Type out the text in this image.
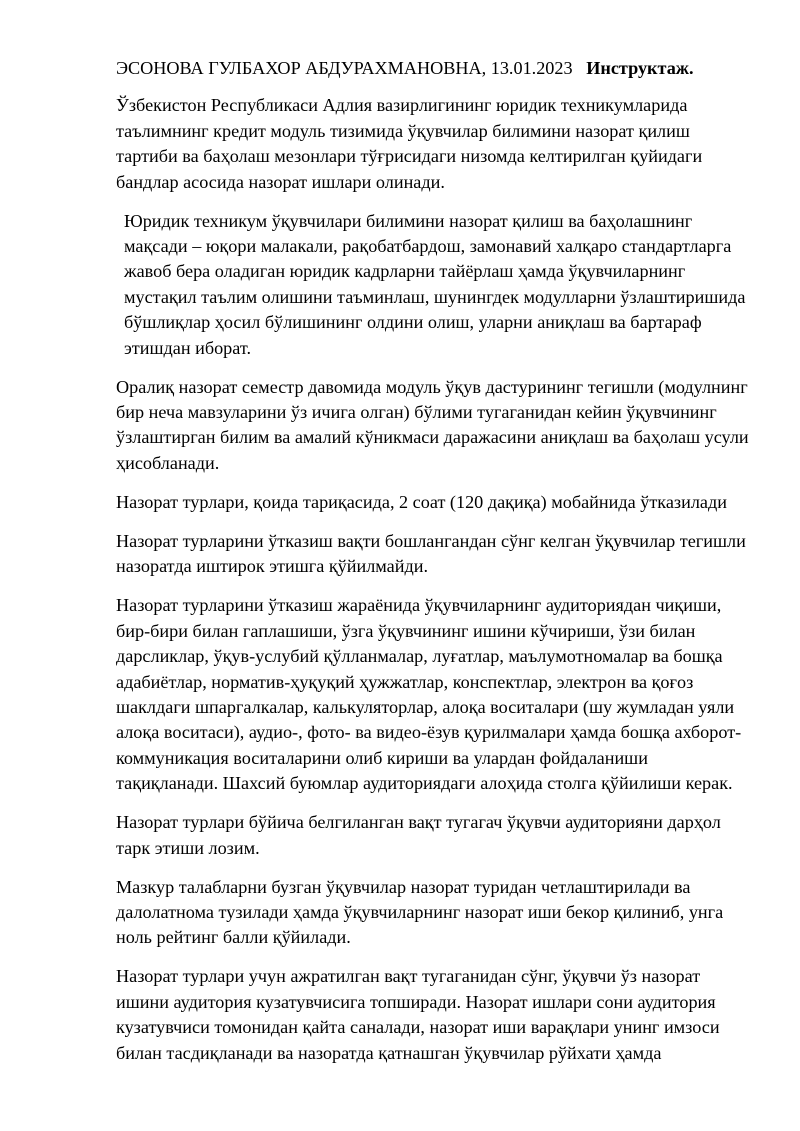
ЭСОНОВА ГУЛБАХОР АБДУРАХМАНОВНА, 13.01.2023 Инструктаж.

Ўзбекистон Республикаси Адлия вазирлигининг юридик техникумларида
таълимнинг кредит модуль тизимида ўқувчилар билимини назорат қилиш
тартиби ва баҳолаш мезонлари тўғрисидаги низомда келтирилган қуйидаги
бандлар асосида назорат ишлари олинади.

Юридик техникум ўқувчилари билимини назорат қилиш ва баҳолашнинг
мақсади – юқори малакали, рақобатбардош, замонавий халқаро стандартларга
жавоб бера оладиган юридик кадрларни тайёрлаш ҳамда ўқувчиларнинг
мустақил таълим олишини таъминлаш, шунингдек модулларни ўзлаштиришида
бўшлиқлар ҳосил бўлишининг олдини олиш, уларни аниқлаш ва бартараф
этишдан иборат.

Оралиқ назорат семестр давомида модуль ўқув дастурининг тегишли (модулнинг
бир неча мавзуларини ўз ичига олган) бўлими тугаганидан кейин ўқувчининг
ўзлаштирган билим ва амалий кўникмаси даражасини аниқлаш ва баҳолаш усули
ҳисобланади.

Назорат турлари, қоида тариқасида, 2 соат (120 дақиқа) мобайнида ўтказилади

Назорат турларини ўтказиш вақти бошлангандан сўнг келган ўқувчилар тегишли
назоратда иштирок этишга қўйилмайди.

Назорат турларини ўтказиш жараёнида ўқувчиларнинг аудиториядан чиқиши,
бир-бири билан гаплашиши, ўзга ўқувчининг ишини кўчириши, ўзи билан
дарсликлар, ўқув-услубий қўлланмалар, луғатлар, маълумотномалар ва бошқа
адабиётлар, норматив-ҳуқуқий ҳужжатлар, конспектлар, электрон ва қоғоз
шаклдаги шпаргалкалар, калькуляторлар, алоқа воситалари (шу жумладан уяли
алоқа воситаси), аудио-, фото- ва видео-ёзув қурилмалари ҳамда бошқа ахборот-
коммуникация воситаларини олиб кириши ва улардан фойдаланиши
тақиқланади. Шахсий буюмлар аудиториядаги алоҳида столга қўйилиши керак.

Назорат турлари бўйича белгиланган вақт тугагач ўқувчи аудиторияни дарҳол
тарк этиши лозим.

Мазкур талабларни бузган ўқувчилар назорат туридан четлаштирилади ва
далолатнома тузилади ҳамда ўқувчиларнинг назорат иши бекор қилиниб, унга
ноль рейтинг балли қўйилади.

Назорат турлари учун ажратилган вақт тугаганидан сўнг, ўқувчи ўз назорат
ишини аудитория кузатувчисига топширади. Назорат ишлари сони аудитория
кузатувчиси томонидан қайта саналади, назорат иши варақлари унинг имзоси
билан тасдиқланади ва назоратда қатнашган ўқувчилар рўйхати ҳамда
